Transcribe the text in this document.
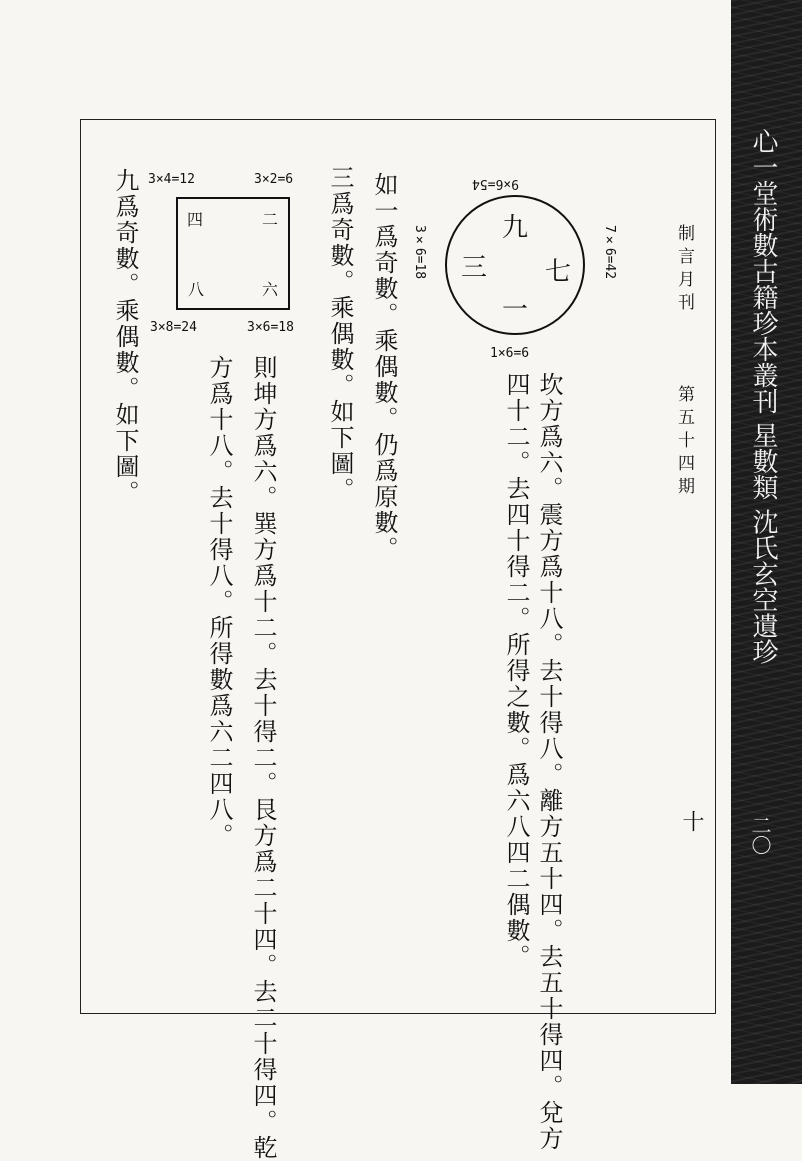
心一堂術數古籍珍本叢刊 星數類 沈氏玄空遺珍
二〇
制言月刊
第五十四期
十
9×6=54
7×6=42
3×6=18
1×6=6
九
三 七
一
3×4=12	3×2=6
3×8=24	3×6=18
四	二
八	六
坎方爲六。震方爲十八。去十得八。離方五十四。去五十得四。兌方
四十二。去四十得二。所得之數。爲六八四二偶數。
如一爲奇數。乘偶數。仍爲原數。
三爲奇數。乘偶數。如下圖。
則坤方爲六。巽方爲十二。去十得二。艮方爲二十四。去二十得四。乾
方爲十八。去十得八。所得數爲六二四八。
九爲奇數。乘偶數。如下圖。
